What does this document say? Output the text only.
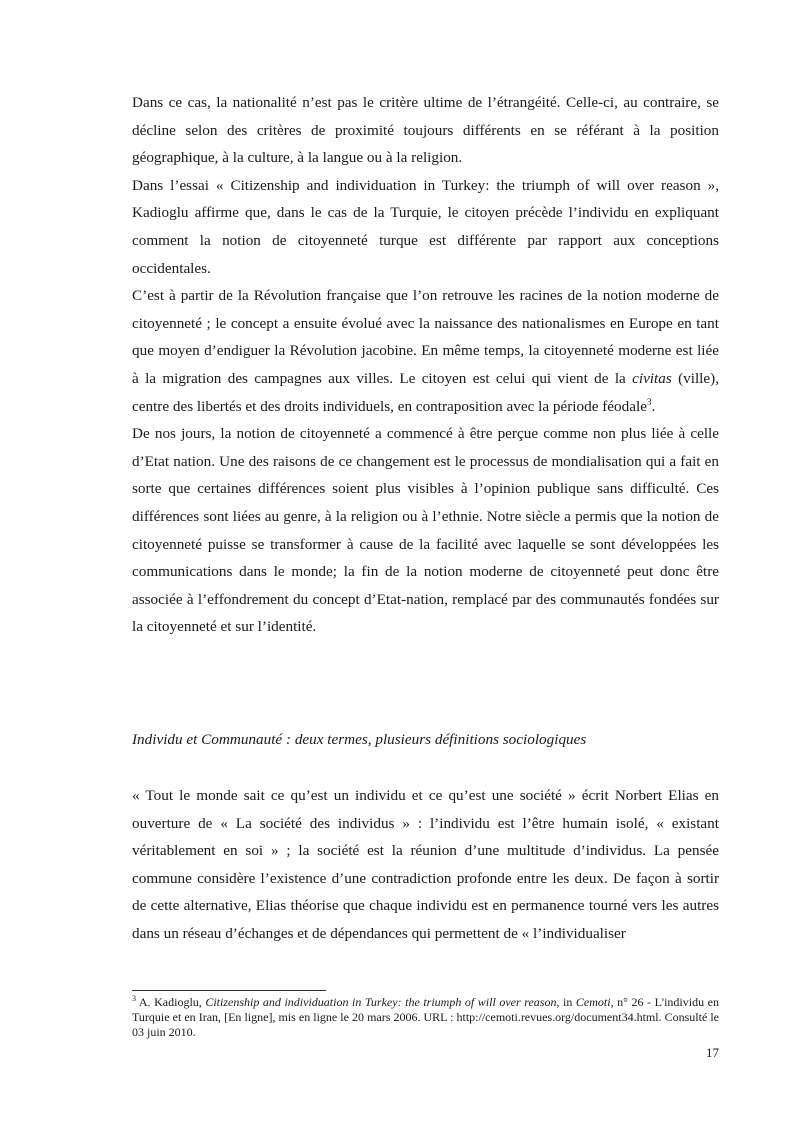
Dans ce cas, la nationalité n’est pas le critère ultime de l’étrangéité. Celle-ci, au contraire, se décline selon des critères de proximité toujours différents en se référant à la position géographique, à la culture, à la langue ou à la religion.

Dans l’essai « Citizenship and individuation in Turkey: the triumph of will over reason », Kadioglu affirme que, dans le cas de la Turquie, le citoyen précède l’individu en expliquant comment la notion de citoyenneté turque est différente par rapport aux conceptions occidentales.

C’est à partir de la Révolution française que l’on retrouve les racines de la notion moderne de citoyenneté ; le concept a ensuite évolué avec la naissance des nationalismes en Europe en tant que moyen d’endiguer la Révolution jacobine. En même temps, la citoyenneté moderne est liée à la migration des campagnes aux villes. Le citoyen est celui qui vient de la civitas (ville), centre des libertés et des droits individuels, en contraposition avec la période féodale$^3$.

De nos jours, la notion de citoyenneté a commencé à être perçue comme non plus liée à celle d’Etat nation. Une des raisons de ce changement est le processus de mondialisation qui a fait en sorte que certaines différences soient plus visibles à l’opinion publique sans difficulté. Ces différences sont liées au genre, à la religion ou à l’ethnie. Notre siècle a permis que la notion de citoyenneté puisse se transformer à cause de la facilité avec laquelle se sont développées les communications dans le monde; la fin de la notion moderne de citoyenneté peut donc être associée à l’effondrement du concept d’Etat-nation, remplacé par des communautés fondées sur la citoyenneté et sur l’identité.

Individu et Communauté : deux termes, plusieurs définitions sociologiques

« Tout le monde sait ce qu’est un individu et ce qu’est une société » écrit Norbert Elias en ouverture de « La société des individus » : l’individu est l’être humain isolé, « existant véritablement en soi » ; la société est la réunion d’une multitude d’individus. La pensée commune considère l’existence d’une contradiction profonde entre les deux. De façon à sortir de cette alternative, Elias théorise que chaque individu est en permanence tourné vers les autres dans un réseau d’échanges et de dépendances qui permettent de « l’individualiser

$^3$ A. Kadioglu, Citizenship and individuation in Turkey: the triumph of will over reason, in Cemoti, n° 26 - L'individu en Turquie et en Iran, [En ligne], mis en ligne le 20 mars 2006. URL : http://cemoti.revues.org/document34.html. Consulté le 03 juin 2010.

17
